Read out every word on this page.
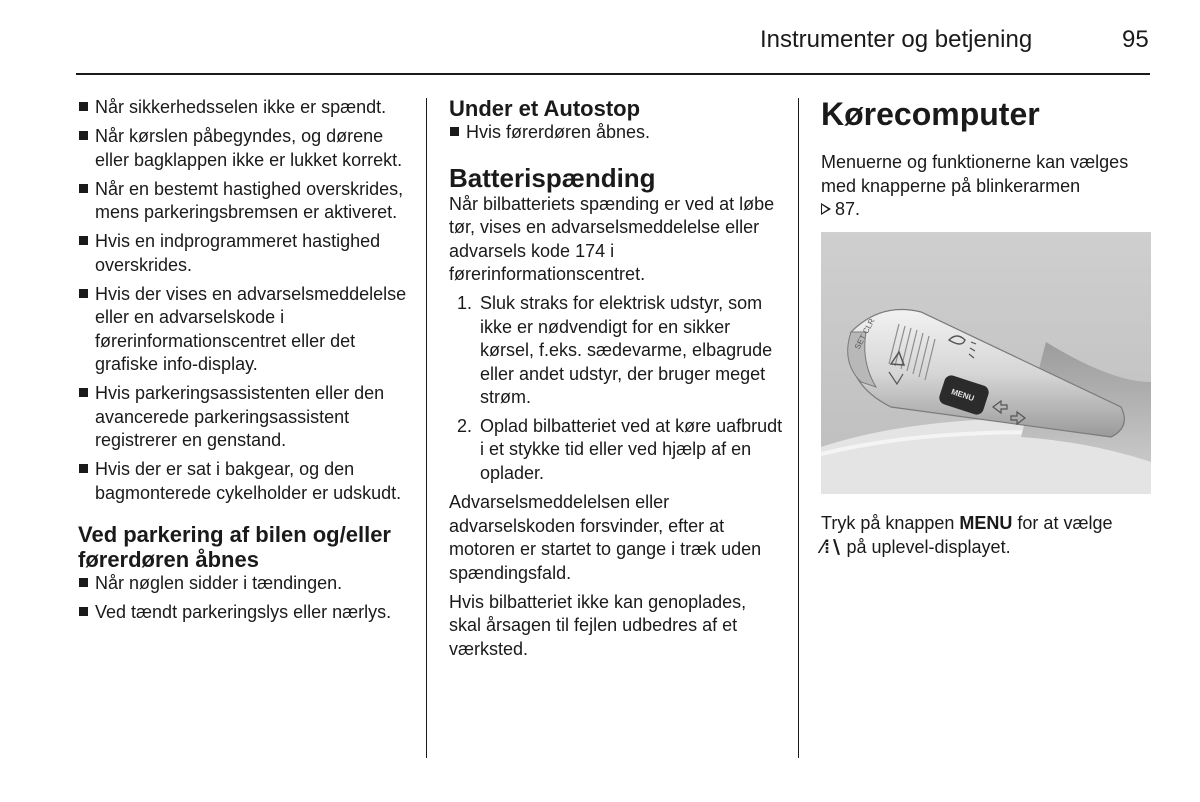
Instrumenter og betjening	95
Når sikkerhedsselen ikke er spændt.
Når kørslen påbegyndes, og dørene eller bagklappen ikke er lukket korrekt.
Når en bestemt hastighed overskrides, mens parkeringsbremsen er aktiveret.
Hvis en indprogrammeret hastighed overskrides.
Hvis der vises en advarselsmeddelelse eller en advarselskode i førerinformationscentret eller det grafiske info-display.
Hvis parkeringsassistenten eller den avancerede parkeringsassistent registrerer en genstand.
Hvis der er sat i bakgear, og den bagmonterede cykelholder er udskudt.
Ved parkering af bilen og/eller førerdøren åbnes
Når nøglen sidder i tændingen.
Ved tændt parkeringslys eller nærlys.
Under et Autostop
Hvis førerdøren åbnes.
Batterispænding

Når bilbatteriets spænding er ved at løbe tør, vises en advarselsmeddelelse eller advarsels kode 174 i førerinformationscentret.

1. Sluk straks for elektrisk udstyr, som ikke er nødvendigt for en sikker kørsel, f.eks. sædevarme, elbagrude eller andet udstyr, der bruger meget strøm.
2. Oplad bilbatteriet ved at køre uafbrudt i et stykke tid eller ved hjælp af en oplader.

Advarselsmeddelelsen eller advarselskoden forsvinder, efter at motoren er startet to gange i træk uden spændingsfald.

Hvis bilbatteriet ikke kan genoplades, skal årsagen til fejlen udbedres af et værksted.

Kørecomputer

Menuerne og funktionerne kan vælges med knapperne på blinkerarmen
87.

SET CLR
MENU

Tryk på knappen MENU for at vælge
⁄⁞∖ på uplevel-displayet.
